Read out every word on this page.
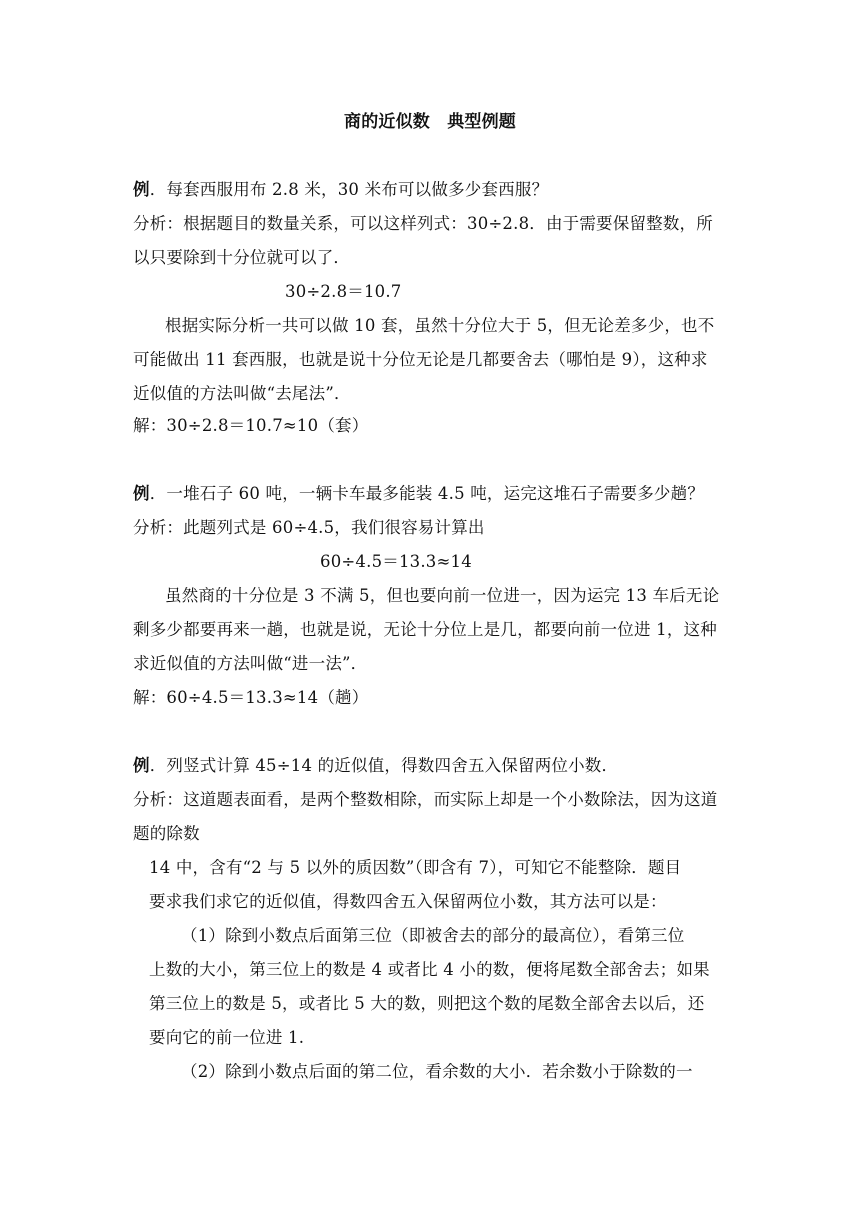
商的近似数　典型例题
例．每套西服用布 2.8 米，30 米布可以做多少套西服？
分析：根据题目的数量关系，可以这样列式：30÷2.8．由于需要保留整数，所
以只要除到十分位就可以了．
30÷2.8＝10.7
根据实际分析一共可以做 10 套，虽然十分位大于 5，但无论差多少，也不
可能做出 11 套西服，也就是说十分位无论是几都要舍去（哪怕是 9），这种求
近似值的方法叫做“去尾法”．
解：30÷2.8＝10.7≈10（套）
例．一堆石子 60 吨，一辆卡车最多能装 4.5 吨，运完这堆石子需要多少趟？
分析：此题列式是 60÷4.5，我们很容易计算出
60÷4.5＝13.3≈14
虽然商的十分位是 3 不满 5，但也要向前一位进一，因为运完 13 车后无论
剩多少都要再来一趟，也就是说，无论十分位上是几，都要向前一位进 1，这种
求近似值的方法叫做“进一法”．
解：60÷4.5＝13.3≈14（趟）
例．列竖式计算 45÷14 的近似值，得数四舍五入保留两位小数．
分析：这道题表面看，是两个整数相除，而实际上却是一个小数除法，因为这道
题的除数
14 中，含有“2 与 5 以外的质因数”（即含有 7），可知它不能整除．题目
要求我们求它的近似值，得数四舍五入保留两位小数，其方法可以是：
（1）除到小数点后面第三位（即被舍去的部分的最高位），看第三位
上数的大小，第三位上的数是 4 或者比 4 小的数，便将尾数全部舍去；如果
第三位上的数是 5，或者比 5 大的数，则把这个数的尾数全部舍去以后，还
要向它的前一位进 1.
（2）除到小数点后面的第二位，看余数的大小．若余数小于除数的一
